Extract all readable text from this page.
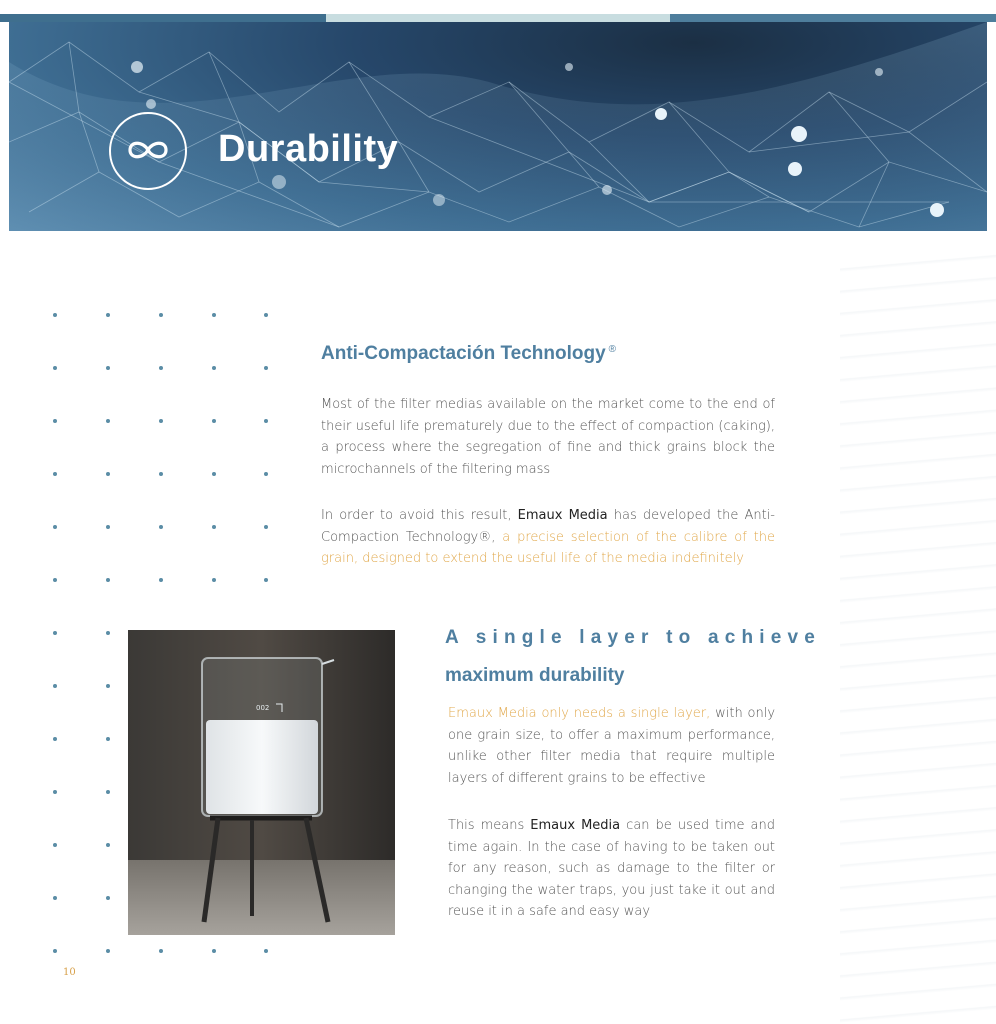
Durability
Anti-Compactación Technology ®
Most of the filter medias available on the market come to the end of their useful life prematurely due to the effect of compaction (caking), a process where the segregation of fine and thick grains block the microchannels of the filtering mass
In order to avoid this result, Emaux Media has developed the Anti-Compaction Technology®, a precise selection of the calibre of the grain, designed to extend the useful life of the media indefinitely
002
A single layer to achieve
maximum durability
Emaux Media only needs a single layer, with only one grain size, to offer a maximum performance, unlike other filter media that require multiple layers of different grains to be effective
This means Emaux Media can be used time and time again. In the case of having to be taken out for any reason, such as damage to the filter or changing the water traps, you just take it out and reuse it in a safe and easy way
10
